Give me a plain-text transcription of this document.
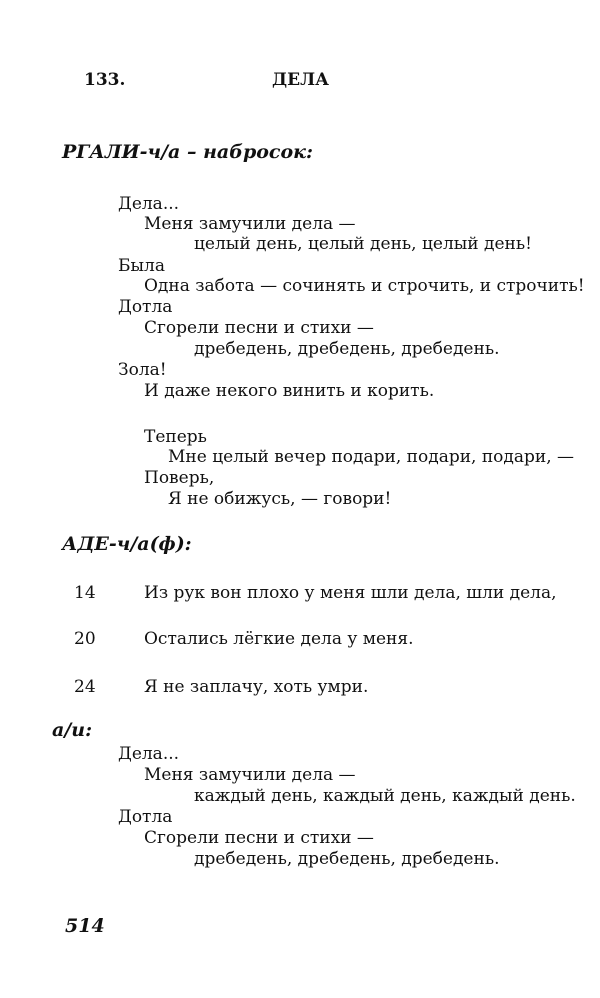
133.	ДЕЛА
РГАЛИ-ч/а – набросок:
Дела...
Меня замучили дела —
целый день, целый день, целый день!
Была
Одна забота — сочинять и строчить, и строчить!
Дотла
Сгорели песни и стихи —
дребедень, дребедень, дребедень.
Зола!
И даже некого винить и корить.
Теперь
Мне целый вечер подари, подари, подари, —
Поверь,
Я не обижусь, — говори!
АДЕ-ч/а(ф):
14	Из рук вон плохо у меня шли дела, шли дела,
20	Остались лёгкие дела у меня.
24	Я не заплачу, хоть умри.
а/и:
Дела...
Меня замучили дела —
каждый день, каждый день, каждый день.
Дотла
Сгорели песни и стихи —
дребедень, дребедень, дребедень.
514
